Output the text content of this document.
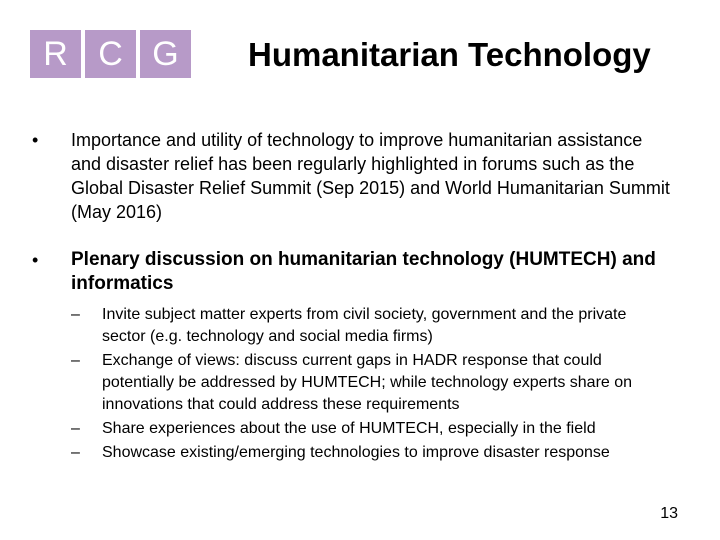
R C G	Humanitarian Technology
•	Importance and utility of technology to improve humanitarian assistance and disaster relief has been regularly highlighted in forums such as the Global Disaster Relief Summit (Sep 2015) and World Humanitarian Summit (May 2016)
•	Plenary discussion on humanitarian technology (HUMTECH) and informatics
–	Invite subject matter experts from civil society, government and the private sector (e.g. technology and social media firms)
–	Exchange of views: discuss current gaps in HADR response that could potentially be addressed by HUMTECH; while technology experts share on innovations that could address these requirements
–	Share experiences about the use of HUMTECH, especially in the field
–	Showcase existing/emerging technologies to improve disaster response
13
